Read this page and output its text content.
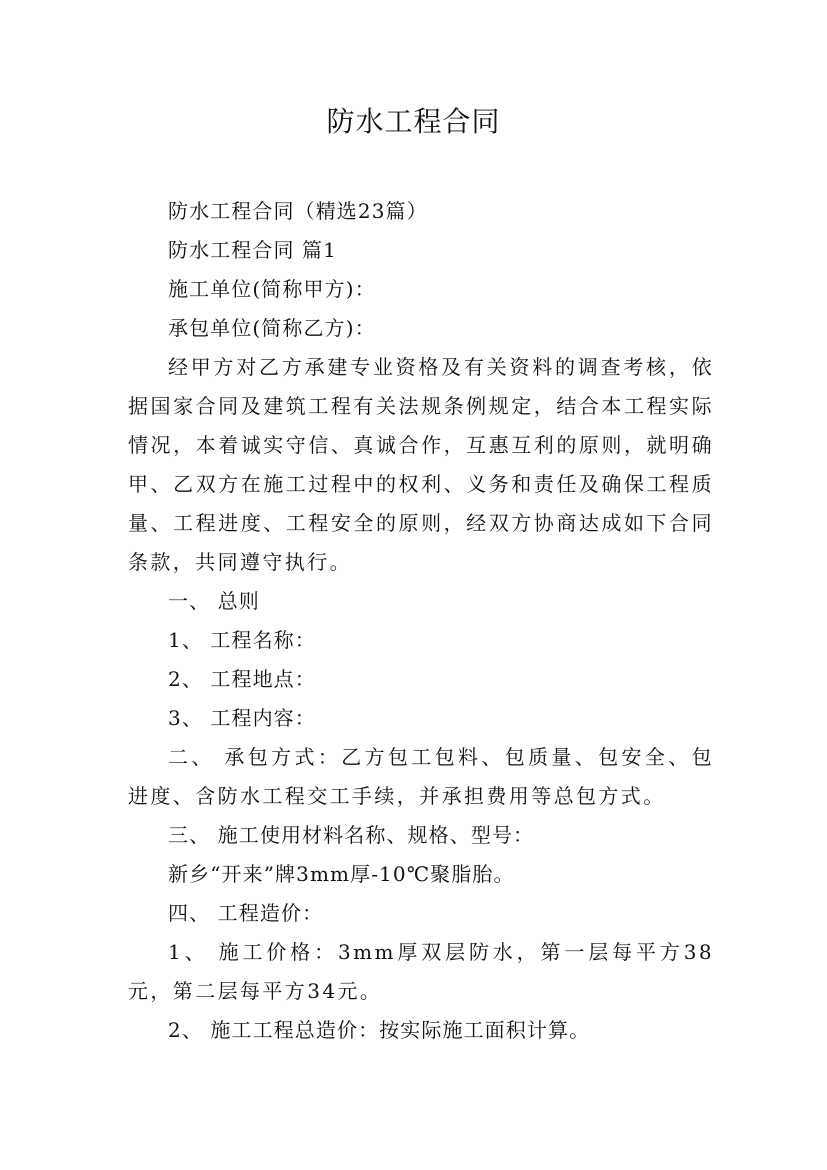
防水工程合同

防水工程合同（精选23篇）

防水工程合同 篇1

施工单位(简称甲方)：

承包单位(简称乙方)：

经甲方对乙方承建专业资格及有关资料的调查考核，依据国家合同及建筑工程有关法规条例规定，结合本工程实际情况，本着诚实守信、真诚合作，互惠互利的原则，就明确甲、乙双方在施工过程中的权利、义务和责任及确保工程质量、工程进度、工程安全的原则，经双方协商达成如下合同条款，共同遵守执行。

一、 总则

1、 工程名称：

2、 工程地点：

3、 工程内容：

二、 承包方式：乙方包工包料、包质量、包安全、包进度、含防水工程交工手续，并承担费用等总包方式。

三、 施工使用材料名称、规格、型号：

新乡“开来”牌3mm厚-10℃聚脂胎。

四、 工程造价：

1、 施工价格：3mm厚双层防水，第一层每平方38元，第二层每平方34元。

2、 施工工程总造价：按实际施工面积计算。
